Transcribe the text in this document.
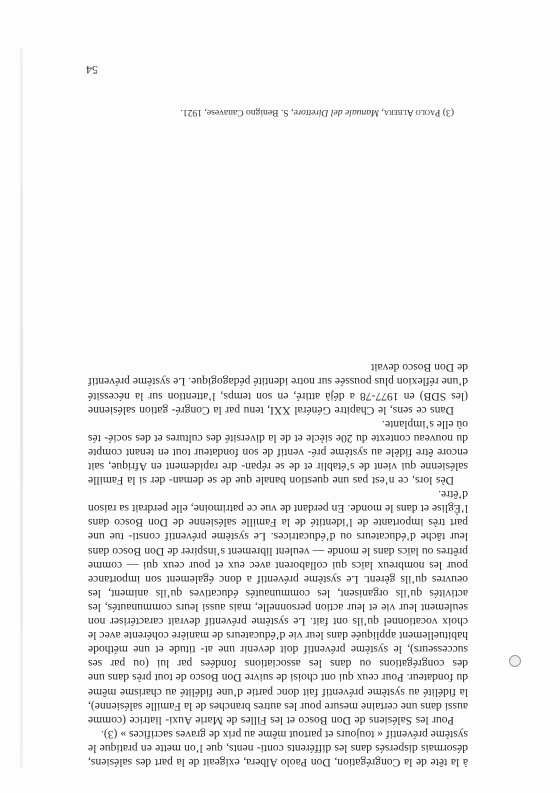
à la tête de la Congrégation, Don Paolo Albera, exigeait de la part des salésiens, désormais dispersés dans les différents conti- nents, que l’on mette en pratique le système préventif « toujours et partout même au prix de graves sacrifices » (3).

Pour les Salésiens de Don Bosco et les Filles de Marie Auxi- liatrice (comme aussi dans une certaine mesure pour les autres branches de la Famille salésienne), la fidélité au système préventif fait donc partie d’une fidélité au charisme même du fondateur. Pour ceux qui ont choisi de suivre Don Bosco de tout près dans une des congrégations ou dans les associations fondées par lui (ou par ses successeurs), le système préventif doit devenir une at- titude et une méthode habituellement appliquée dans leur vie d’éducateurs de manière cohérente avec le choix vocationnel qu’ils ont fait. Le système préventif devrait caractériser non seulement leur vie et leur action personnelle, mais aussi leurs communautés, les activités qu’ils organisent, les communautés éducatives qu’ils animent, les oeuvres qu’ils gèrent. Le système préventif a donc également son importance pour les nombreux laïcs qui collaborent avec eux et pour ceux qui — comme prêtres ou laïcs dans le monde — veulent librement s’inspirer de Don Bosco dans leur tâche d’éducateurs ou d’éducatrices. Le système préventif consti- tue une part très importante de l’identité de la Famille salésienne de Don Bosco dans l’Église et dans le monde. En perdant de vue ce patrimoine, elle perdrait sa raison d’être.

Dès lors, ce n’est pas une question banale que de se deman- der si la Famille salésienne qui vient de s’établir et de se répan- dre rapidement en Afrique, sait encore être fidèle au système pré- ventif de son fondateur tout en tenant compte du nouveau contexte du 20e siècle et de la diversité des cultures et des socié- tés où elle s’implante.

Dans ce sens, le Chapitre Général XXI, tenu par la Congré- gation salésienne (les SDB) en 1977-78 a déjà attiré, en son temps, l’attention sur la nécessité d’une réflexion plus poussée sur notre identité pédagogique. Le système préventif de Don Bosco devait

(3) Paolo Albera, Manuale del Direttore, S. Benigno Canavese, 1921.
54
